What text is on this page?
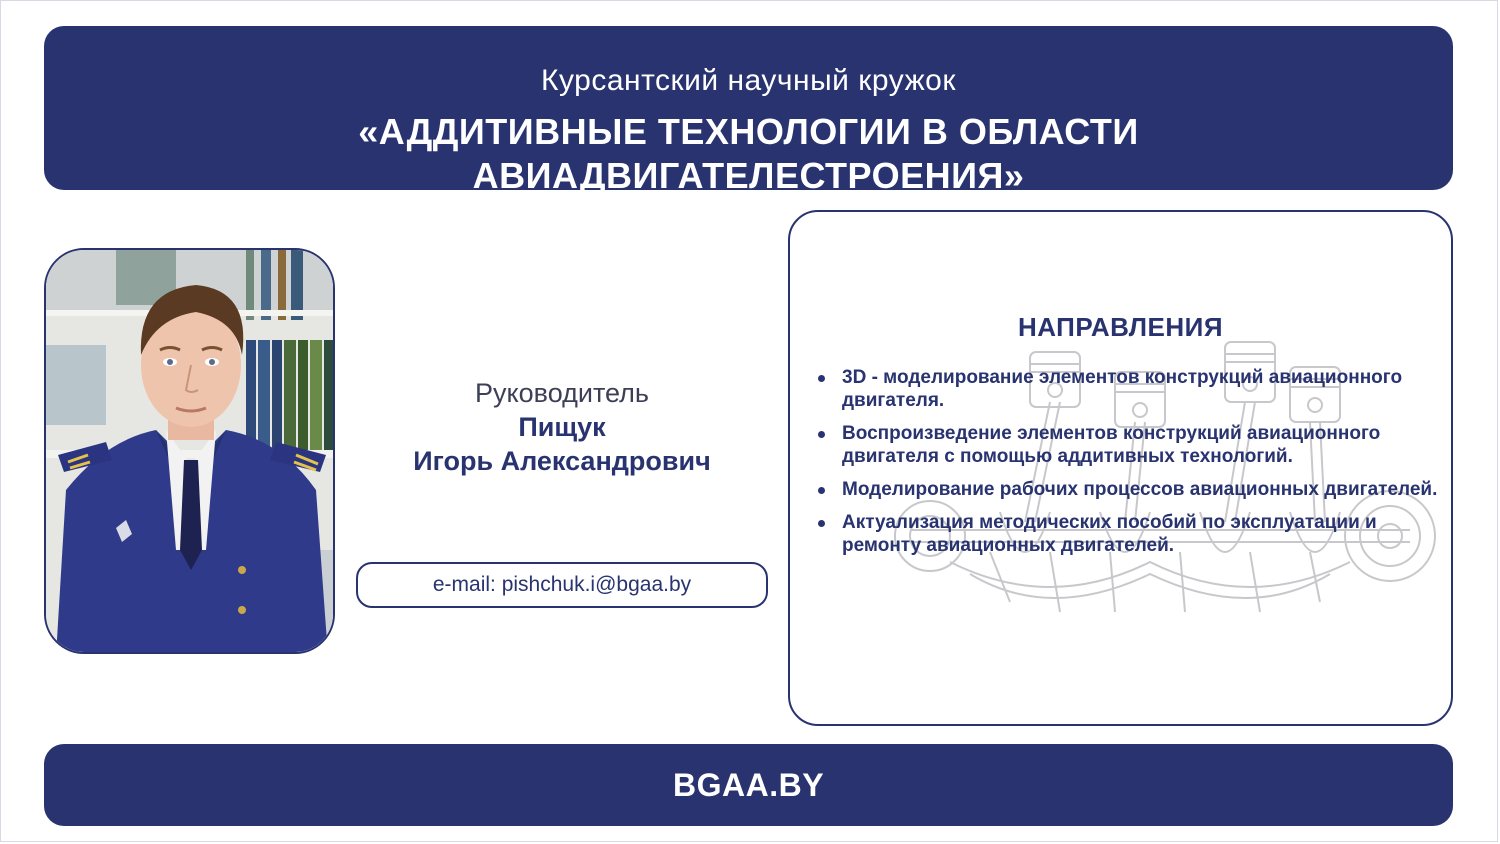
Курсантский научный кружок
«АДДИТИВНЫЕ ТЕХНОЛОГИИ В ОБЛАСТИ
АВИАДВИГАТЕЛЕСТРОЕНИЯ»
Руководитель
Пищук
Игорь Александрович
e-mail: pishchuk.i@bgaa.by
НАПРАВЛЕНИЯ
3D - моделирование элементов конструкций авиационного двигателя.
Воспроизведение элементов конструкций авиационного двигателя с помощью аддитивных технологий.
Моделирование рабочих процессов авиационных двигателей.
Актуализация методических пособий по эксплуатации и ремонту авиационных двигателей.
BGAA.BY
